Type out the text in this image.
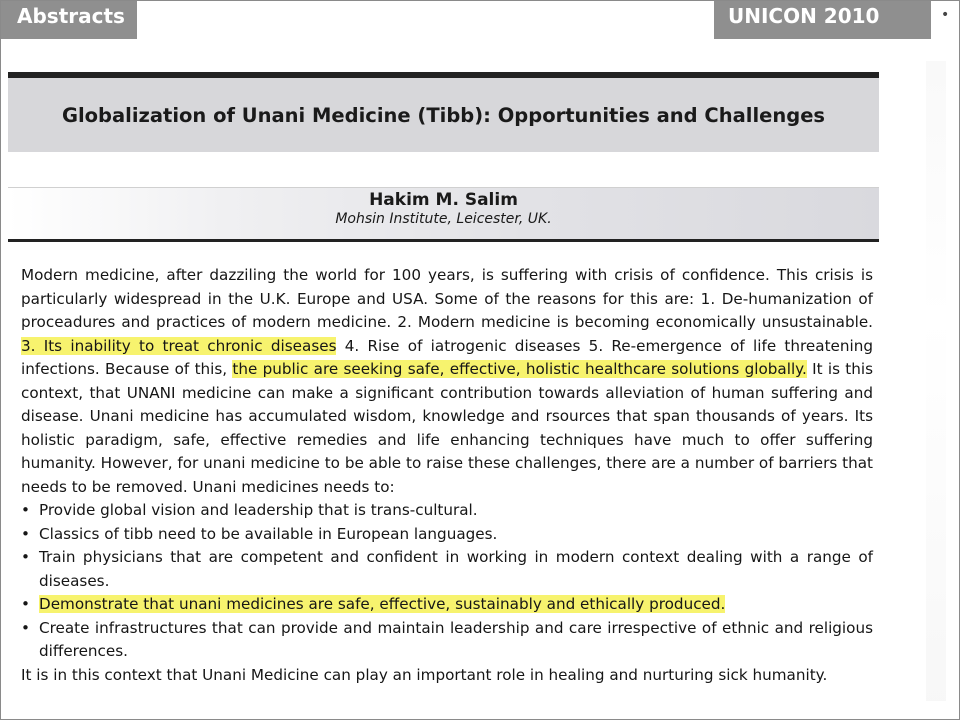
Abstracts	UNICON 2010	•
Globalization of Unani Medicine (Tibb): Opportunities and Challenges
Hakim M. Salim
Mohsin Institute, Leicester, UK.

Modern medicine, after dazziling the world for 100 years, is suffering with crisis of confidence. This crisis is particularly widespread in the U.K. Europe and USA. Some of the reasons for this are: 1. De-humanization of proceadures and practices of modern medicine. 2. Modern medicine is becoming economically unsustainable. 3. Its inability to treat chronic diseases 4. Rise of iatrogenic diseases 5. Re-emergence of life threatening infections. Because of this, the public are seeking safe, effective, holistic healthcare solutions globally. It is this context, that UNANI medicine can make a significant contribution towards alleviation of human suffering and disease. Unani medicine has accumulated wisdom, knowledge and rsources that span thousands of years. Its holistic paradigm, safe, effective remedies and life enhancing techniques have much to offer suffering humanity. However, for unani medicine to be able to raise these challenges, there are a number of barriers that needs to be removed. Unani medicines needs to:

• Provide global vision and leadership that is trans-cultural.
• Classics of tibb need to be available in European languages.
• Train physicians that are competent and confident in working in modern context dealing with a range of diseases.
• Demonstrate that unani medicines are safe, effective, sustainably and ethically produced.
• Create infrastructures that can provide and maintain leadership and care irrespective of ethnic and religious differences.

It is in this context that Unani Medicine can play an important role in healing and nurturing sick humanity.
